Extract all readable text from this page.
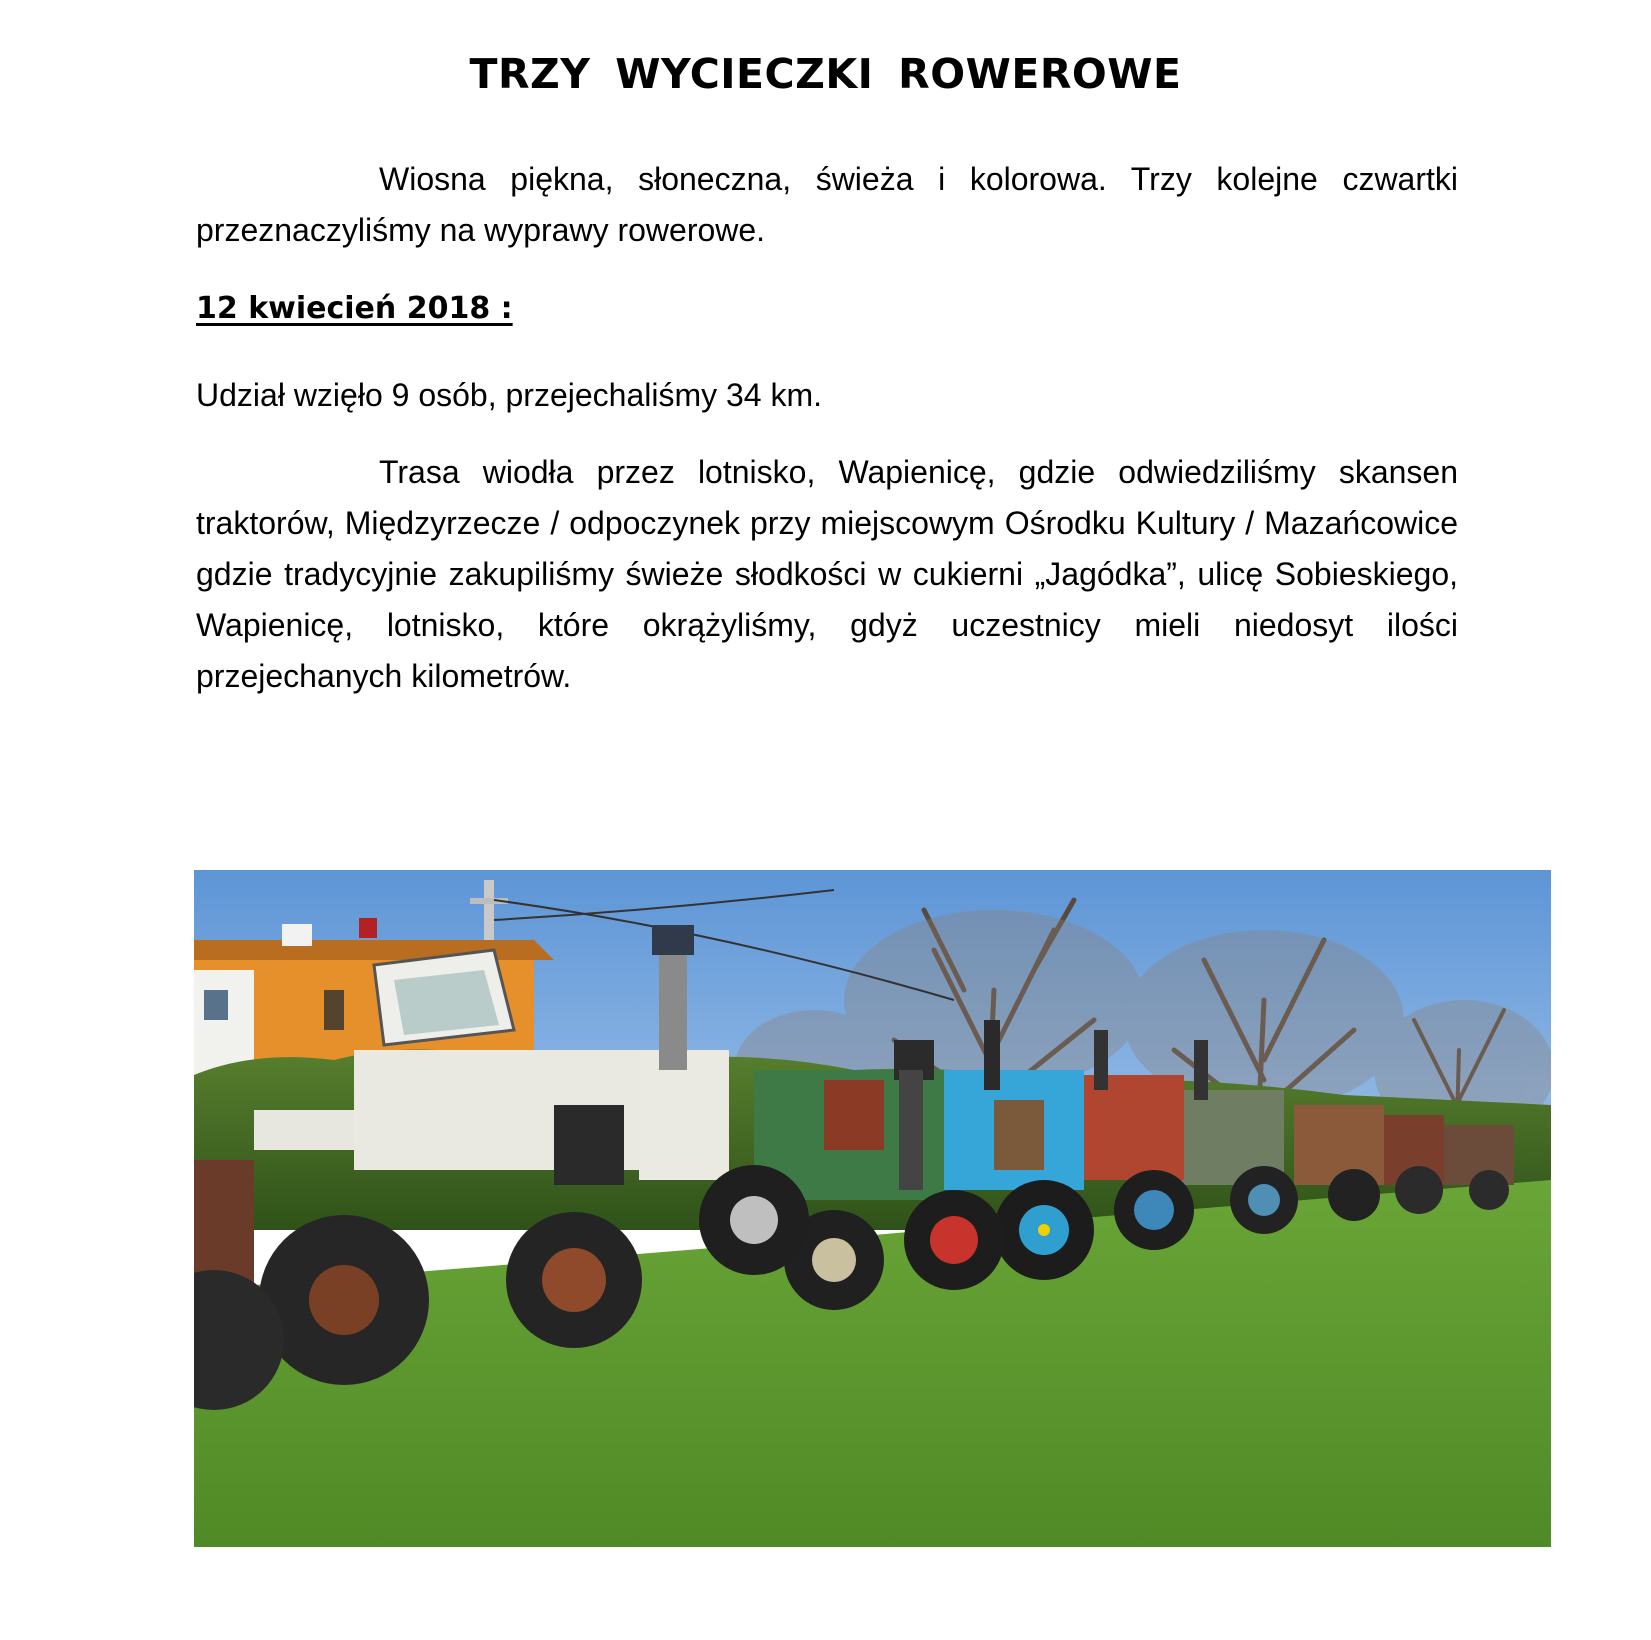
TRZY WYCIECZKI ROWEROWE

Wiosna piękna, słoneczna, świeża i kolorowa. Trzy kolejne czwartki przeznaczyliśmy na wyprawy rowerowe.

12 kwiecień 2018 :

Udział wzięło 9 osób, przejechaliśmy 34 km.

Trasa wiodła przez lotnisko, Wapienicę, gdzie odwiedziliśmy skansen traktorów, Międzyrzecze / odpoczynek przy miejscowym Ośrodku Kultury / Mazańcowice gdzie tradycyjnie zakupiliśmy świeże słodkości w cukierni „Jagódka”, ulicę Sobieskiego, Wapienicę, lotnisko, które okrążyliśmy, gdyż uczestnicy mieli niedosyt ilości przejechanych kilometrów.
